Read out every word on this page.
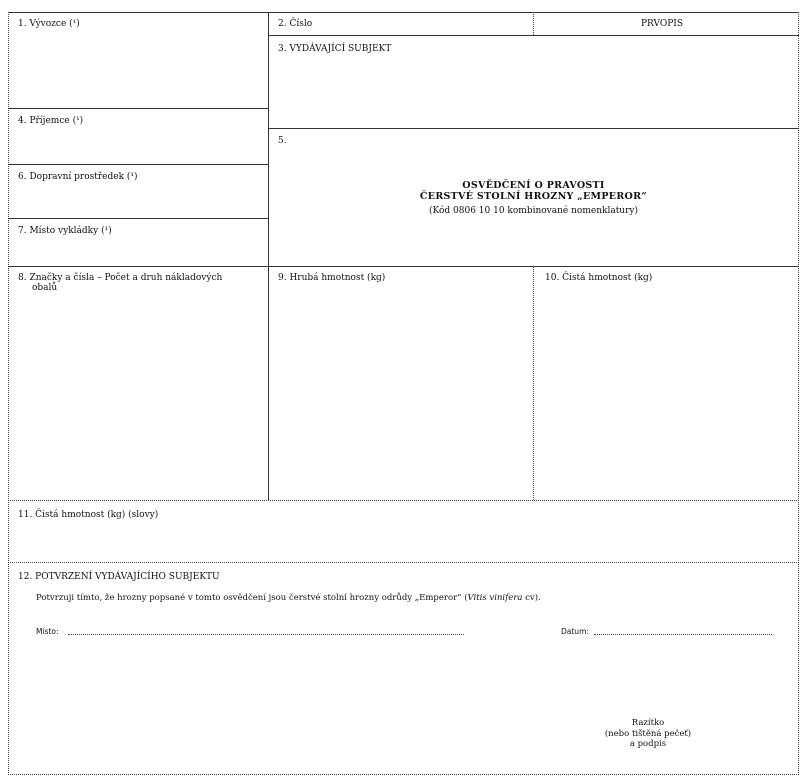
1. Vývozce (¹)	2. Číslo	PRVOPIS
3. VYDÁVAJÍCÍ SUBJEKT
4. Příjemce (¹)
5.
6. Dopravní prostředek (¹)
7. Místo vykládky (¹)
OSVĚDČENÍ O PRAVOSTI
ČERSTVÉ STOLNÍ HROZNY „EMPEROR“
(Kód 0806 10 10 kombinované nomenklatury)
8. Značky a čísla – Počet a druh nákladových
obalů
9. Hrubá hmotnost (kg)	10. Čistá hmotnost (kg)
11. Čistá hmotnost (kg) (slovy)
12. POTVRZENÍ VYDÁVAJÍCÍHO SUBJEKTU
Potvrzuji tímto, že hrozny popsané v tomto osvědčení jsou čerstvé stolní hrozny odrůdy „Emperor“ (Vitis vinifera cv).
Místo:	Datum:
Razítko
(nebo tištěná pečeť)
a podpis
